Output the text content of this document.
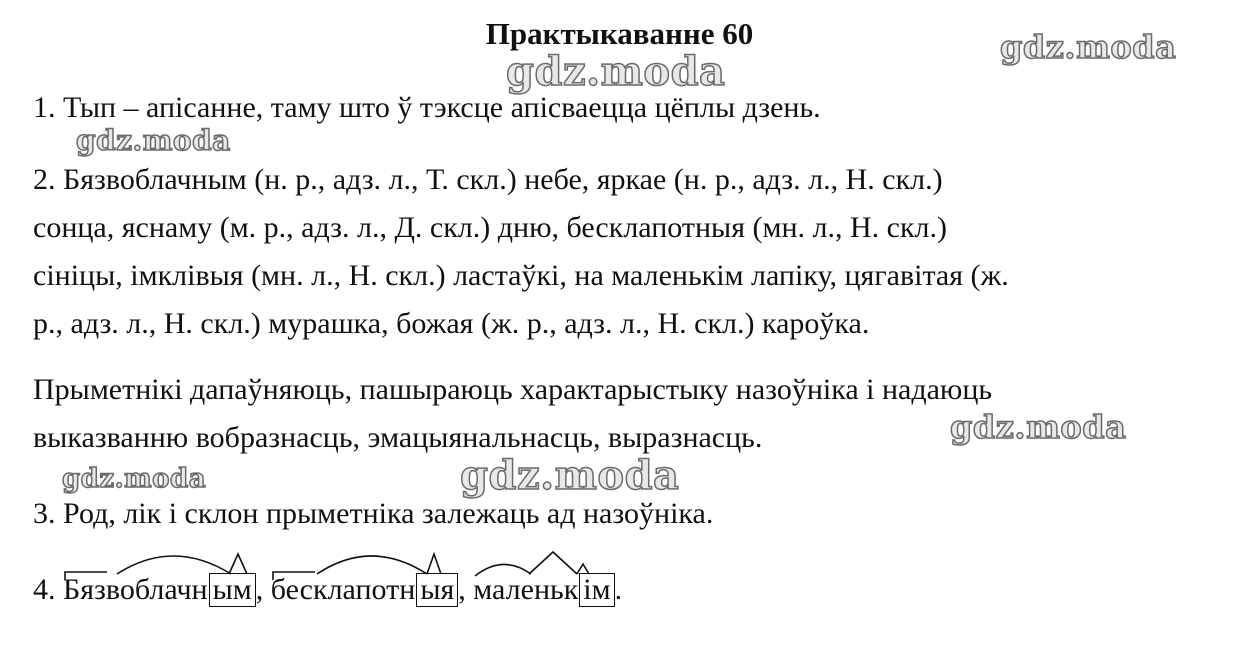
Практыкаванне 60
gdz.moda
gdz.moda
gdz.moda
gdz.moda
gdz.moda
gdz.moda
1. Тып – апісанне, таму што ў тэксце апісваецца цёплы дзень.
2. Бязвоблачным (н. р., адз. л., Т. скл.) небе, яркае (н. р., адз. л., Н. скл.)
сонца, яснаму (м. р., адз. л., Д. скл.) дню, бесклапотныя (мн. л., Н. скл.)
сініцы, імклівыя (мн. л., Н. скл.) ластаўкі, на маленькім лапіку, цягавітая (ж.
р., адз. л., Н. скл.) мурашка, божая (ж. р., адз. л., Н. скл.) кароўка.
Прыметнікі дапаўняюць, пашыраюць характарыстыку назоўніка і надаюць
выказванню вобразнасць, эмацыянальнасць, выразнасць.
3. Род, лік і склон прыметніка залежаць ад назоўніка.
4. Бязвоблачн ым , бесклапотн ыя , маленьк ім .
